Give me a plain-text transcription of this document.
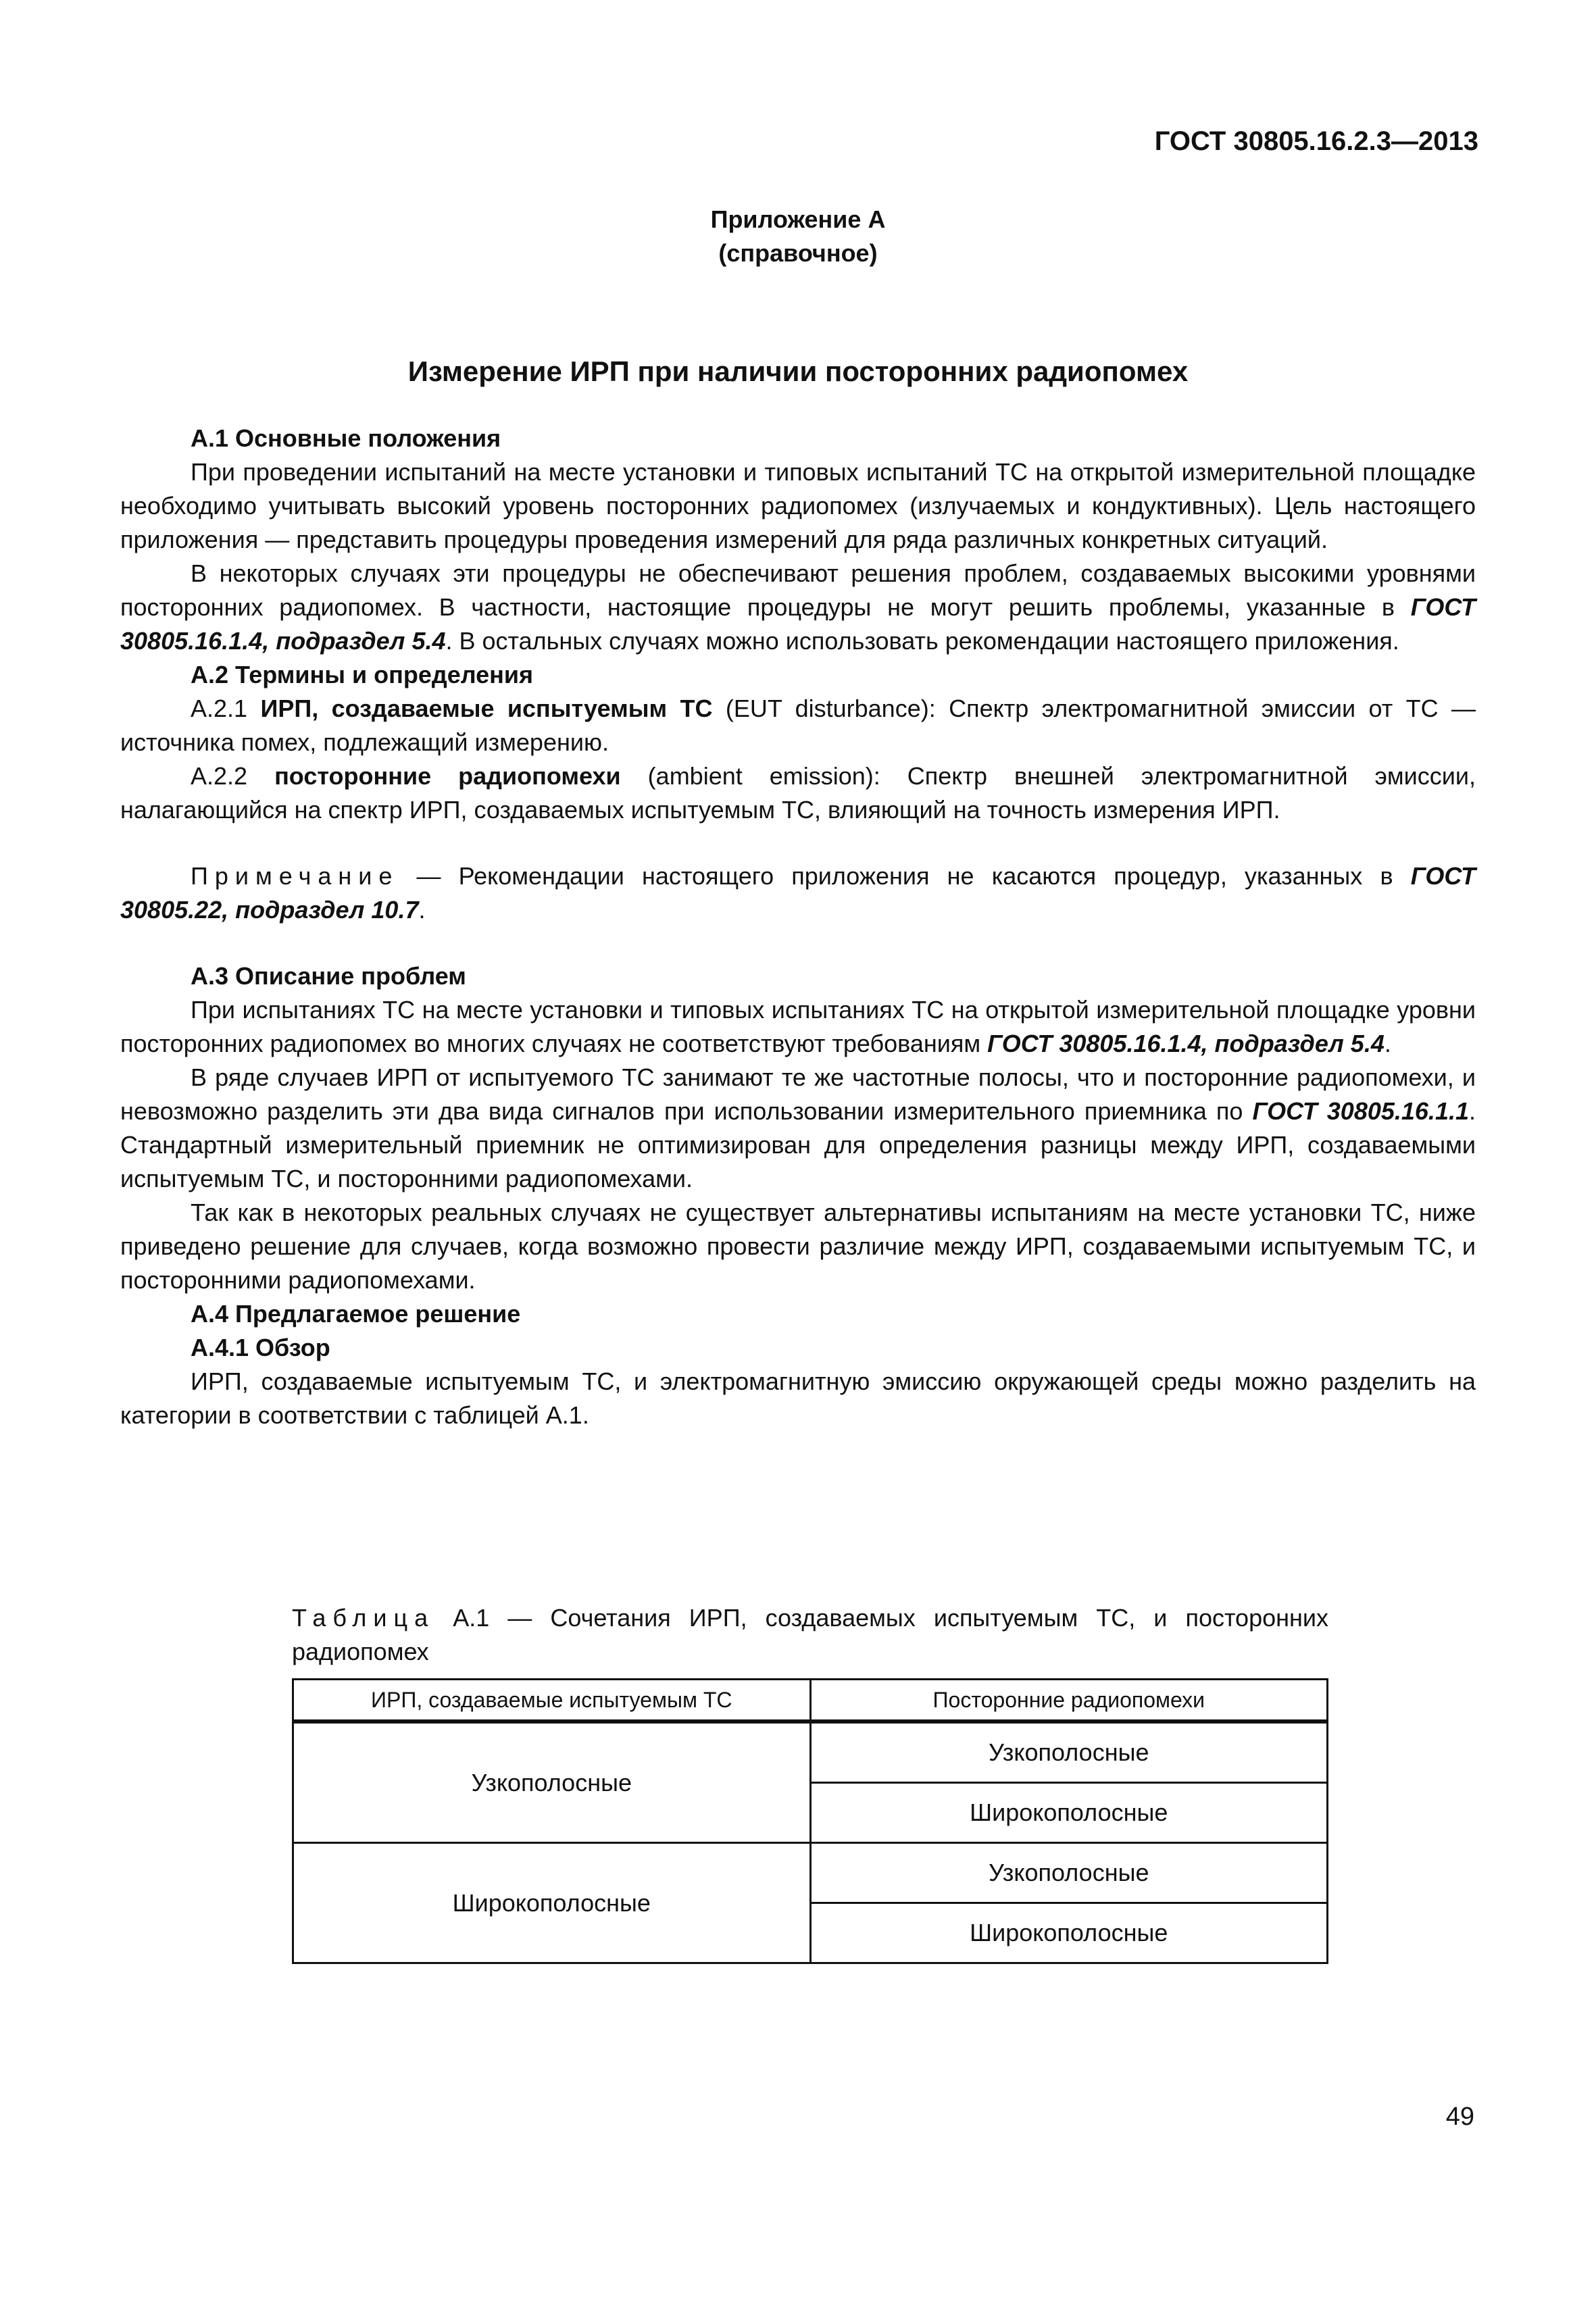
ГОСТ 30805.16.2.3—2013
Приложение А
(справочное)
Измерение ИРП при наличии посторонних радиопомех

А.1 Основные положения

При проведении испытаний на месте установки и типовых испытаний ТС на открытой измерительной площадке необходимо учитывать высокий уровень посторонних радиопомех (излучаемых и кондуктивных). Цель настоящего приложения — представить процедуры проведения измерений для ряда различных конкретных ситуаций.

В некоторых случаях эти процедуры не обеспечивают решения проблем, создаваемых высокими уровнями посторонних радиопомех. В частности, настоящие процедуры не могут решить проблемы, указанные в ГОСТ 30805.16.1.4, подраздел 5.4. В остальных случаях можно использовать рекомендации настоящего приложения.

А.2 Термины и определения

А.2.1 ИРП, создаваемые испытуемым ТС (EUT disturbance): Спектр электромагнитной эмиссии от ТС — источника помех, подлежащий измерению.

А.2.2 посторонние радиопомехи (ambient emission): Спектр внешней электромагнитной эмиссии, налагающийся на спектр ИРП, создаваемых испытуемым ТС, влияющий на точность измерения ИРП.

Примечание — Рекомендации настоящего приложения не касаются процедур, указанных в ГОСТ 30805.22, подраздел 10.7.

А.3 Описание проблем

При испытаниях ТС на месте установки и типовых испытаниях ТС на открытой измерительной площадке уровни посторонних радиопомех во многих случаях не соответствуют требованиям ГОСТ 30805.16.1.4, подраздел 5.4.

В ряде случаев ИРП от испытуемого ТС занимают те же частотные полосы, что и посторонние радиопомехи, и невозможно разделить эти два вида сигналов при использовании измерительного приемника по ГОСТ 30805.16.1.1. Стандартный измерительный приемник не оптимизирован для определения разницы между ИРП, создаваемыми испытуемым ТС, и посторонними радиопомехами.

Так как в некоторых реальных случаях не существует альтернативы испытаниям на месте установки ТС, ниже приведено решение для случаев, когда возможно провести различие между ИРП, создаваемыми испытуемым ТС, и посторонними радиопомехами.

А.4 Предлагаемое решение

А.4.1 Обзор

ИРП, создаваемые испытуемым ТС, и электромагнитную эмиссию окружающей среды можно разделить на категории в соответствии с таблицей А.1.

Таблица А.1 — Сочетания ИРП, создаваемых испытуемым ТС, и посторонних радиопомех
ИРП, создаваемые испытуемым ТС	Посторонние радиопомехи
Узкополосные	Узкополосные
	Широкополосные
Широкополосные	Узкополосные
	Широкополосные
49
